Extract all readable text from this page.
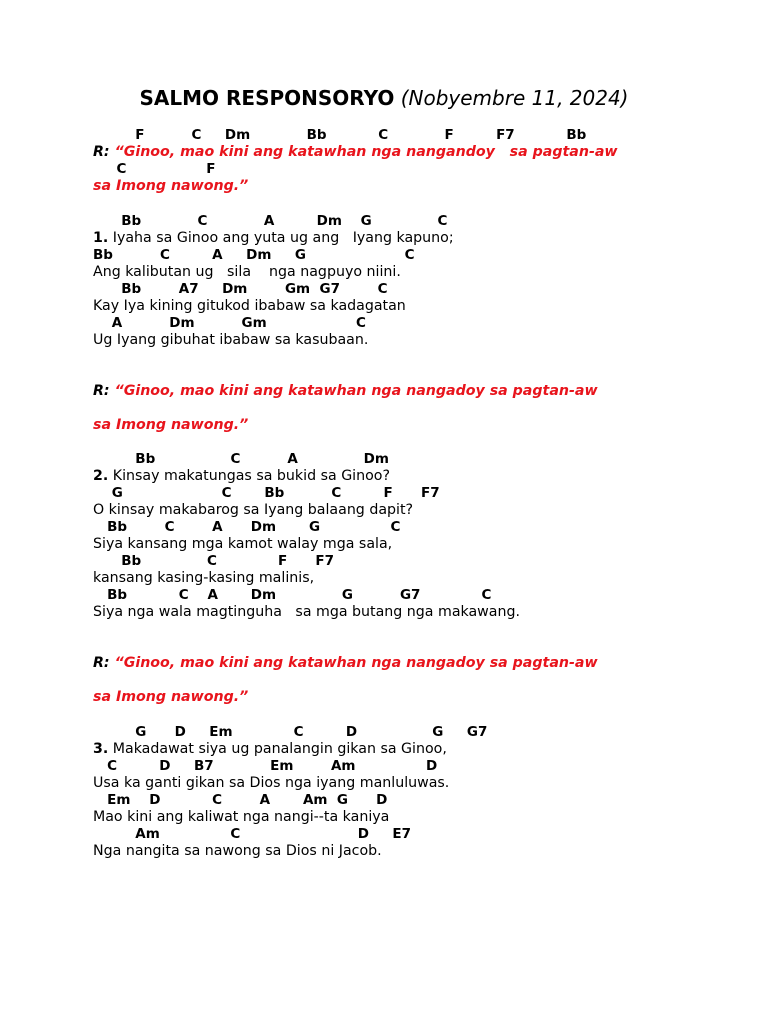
SALMO RESPONSORYO (Nobyembre 11, 2024)
F          C     Dm            Bb           C            F         F7           Bb
R: “Ginoo, mao kini ang katawhan nga nangandoy   sa pagtan-aw
C                 F
sa Imong nawong.”
Bb            C            A         Dm    G              C
1. Iyaha sa Ginoo ang yuta ug ang   Iyang kapuno;
Bb          C         A     Dm     G                     C
Ang kalibutan ug   sila    nga nagpuyo niini.
Bb        A7     Dm        Gm  G7        C
Kay Iya kining gitukod ibabaw sa kadagatan
A          Dm          Gm                   C
Ug Iyang gibuhat ibabaw sa kasubaan.
R: “Ginoo, mao kini ang katawhan nga nangadoy sa pagtan-aw
sa Imong nawong.”
Bb                C          A              Dm
2. Kinsay makatungas sa bukid sa Ginoo?
G                     C       Bb          C         F      F7
O kinsay makabarog sa Iyang balaang dapit?
Bb        C        A      Dm       G               C
Siya kansang mga kamot walay mga sala,
Bb              C             F      F7
kansang kasing-kasing malinis,
Bb           C    A       Dm              G          G7             C
Siya nga wala magtinguha   sa mga butang nga makawang.
R: “Ginoo, mao kini ang katawhan nga nangadoy sa pagtan-aw
sa Imong nawong.”
G      D     Em             C         D                G     G7
3. Makadawat siya ug panalangin gikan sa Ginoo,
C         D     B7            Em        Am               D
Usa ka ganti gikan sa Dios nga iyang manluluwas.
Em    D           C        A       Am  G      D
Mao kini ang kaliwat nga nangi--ta kaniya
Am               C                         D     E7
Nga nangita sa nawong sa Dios ni Jacob.
